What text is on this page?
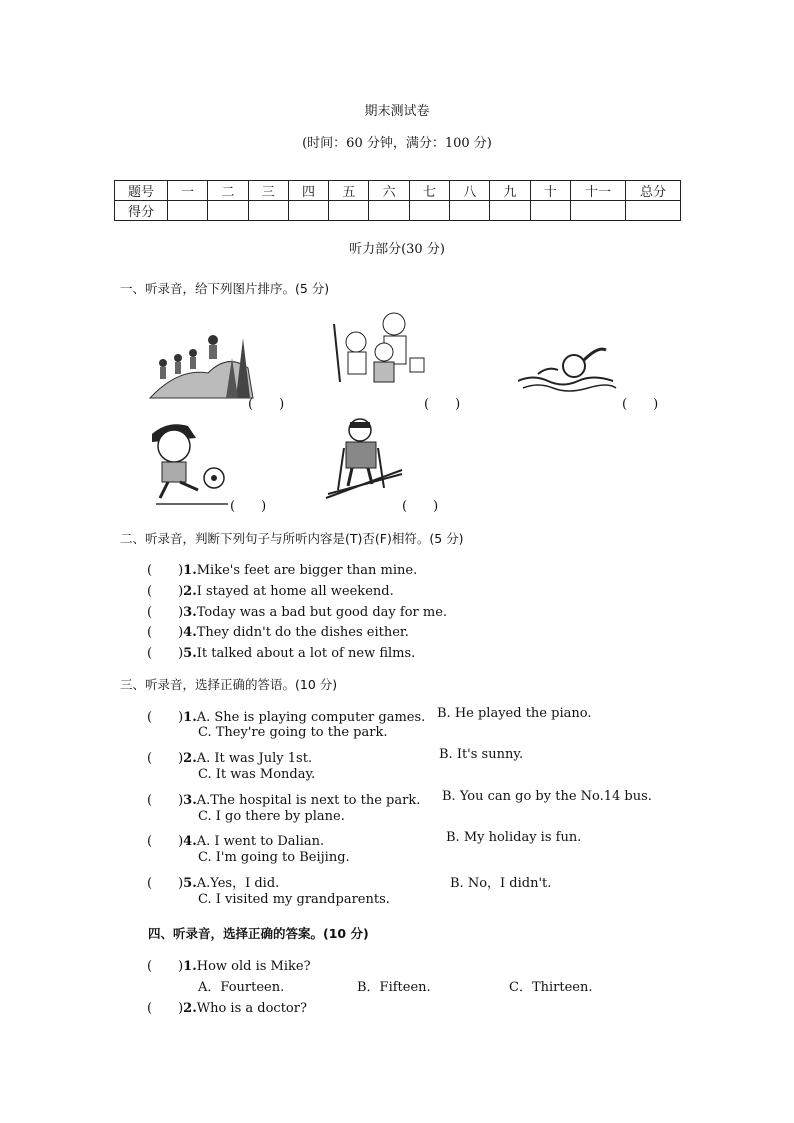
期末测试卷
(时间：60 分钟，满分：100 分)
题号	一	二	三	四	五	六	七	八	九	十	十一	总分
得分												
听力部分(30 分)
一、听录音，给下列图片排序。(5 分)
(　　)	(　　)	(　　)
(　　)	(　　)
二、听录音，判断下列句子与所听内容是(T)否(F)相符。(5 分)
(　　)1.Mike's feet are bigger than mine.
(　　)2.I stayed at home all weekend.
(　　)3.Today was a bad but good day for me.
(　　)4.They didn't do the dishes either.
(　　)5.It talked about a lot of new films.
三、听录音，选择正确的答语。(10 分)
(　　)1.A. She is playing computer games. B. He played the piano.
C. They're going to the park.
(　　)2.A. It was July 1st.	B. It's sunny.
C. It was Monday.
(　　)3.A.The hospital is next to the park. B. You can go by the No.14 bus.
C. I go there by plane.
(　　)4.A. I went to Dalian.	B. My holiday is fun.
C. I'm going to Beijing.
(　　)5.A.Yes，I did.	B. No，I didn't.
C. I visited my grandparents.
四、听录音，选择正确的答案。(10 分)
(　　)1.How old is Mike?
A．Fourteen.	B．Fifteen.	C．Thirteen.
(　　)2.Who is a doctor?
